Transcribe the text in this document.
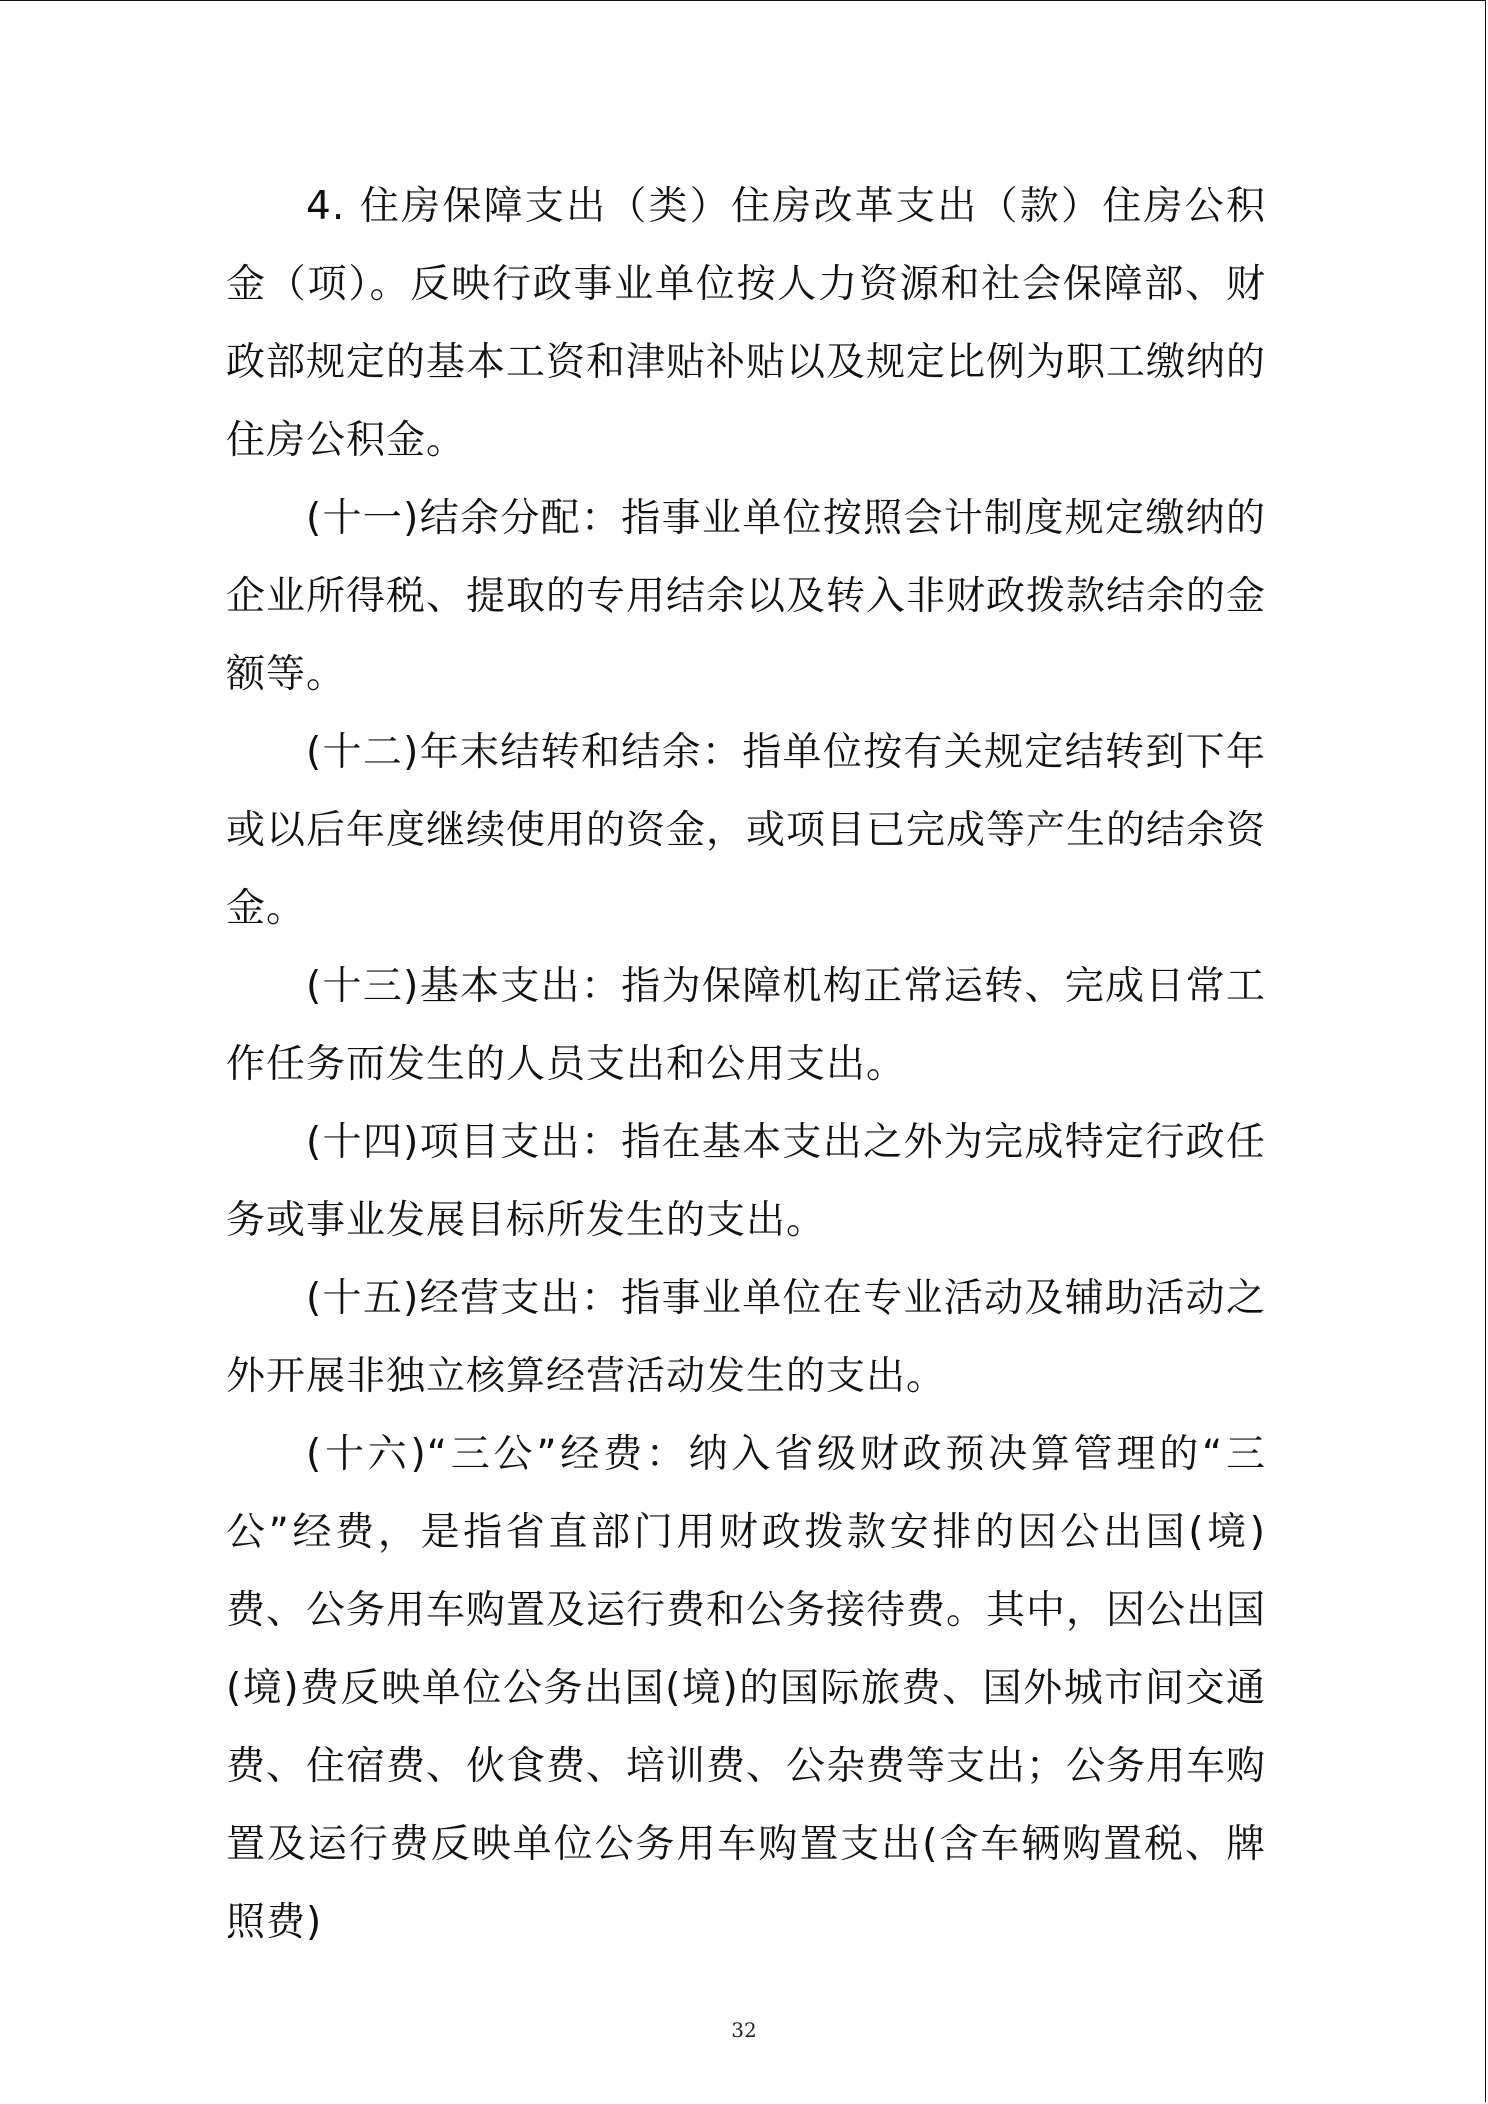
4. 住房保障支出（类）住房改革支出（款）住房公积金（项）。反映行政事业单位按人力资源和社会保障部、财政部规定的基本工资和津贴补贴以及规定比例为职工缴纳的住房公积金。

(十一)结余分配：指事业单位按照会计制度规定缴纳的企业所得税、提取的专用结余以及转入非财政拨款结余的金额等。

(十二)年末结转和结余：指单位按有关规定结转到下年或以后年度继续使用的资金，或项目已完成等产生的结余资金。

(十三)基本支出：指为保障机构正常运转、完成日常工作任务而发生的人员支出和公用支出。

(十四)项目支出：指在基本支出之外为完成特定行政任务或事业发展目标所发生的支出。

(十五)经营支出：指事业单位在专业活动及辅助活动之外开展非独立核算经营活动发生的支出。

(十六)“三公”经费：纳入省级财政预决算管理的“三公”经费，是指省直部门用财政拨款安排的因公出国(境)费、公务用车购置及运行费和公务接待费。其中，因公出国(境)费反映单位公务出国(境)的国际旅费、国外城市间交通费、住宿费、伙食费、培训费、公杂费等支出；公务用车购置及运行费反映单位公务用车购置支出(含车辆购置税、牌照费)

32
